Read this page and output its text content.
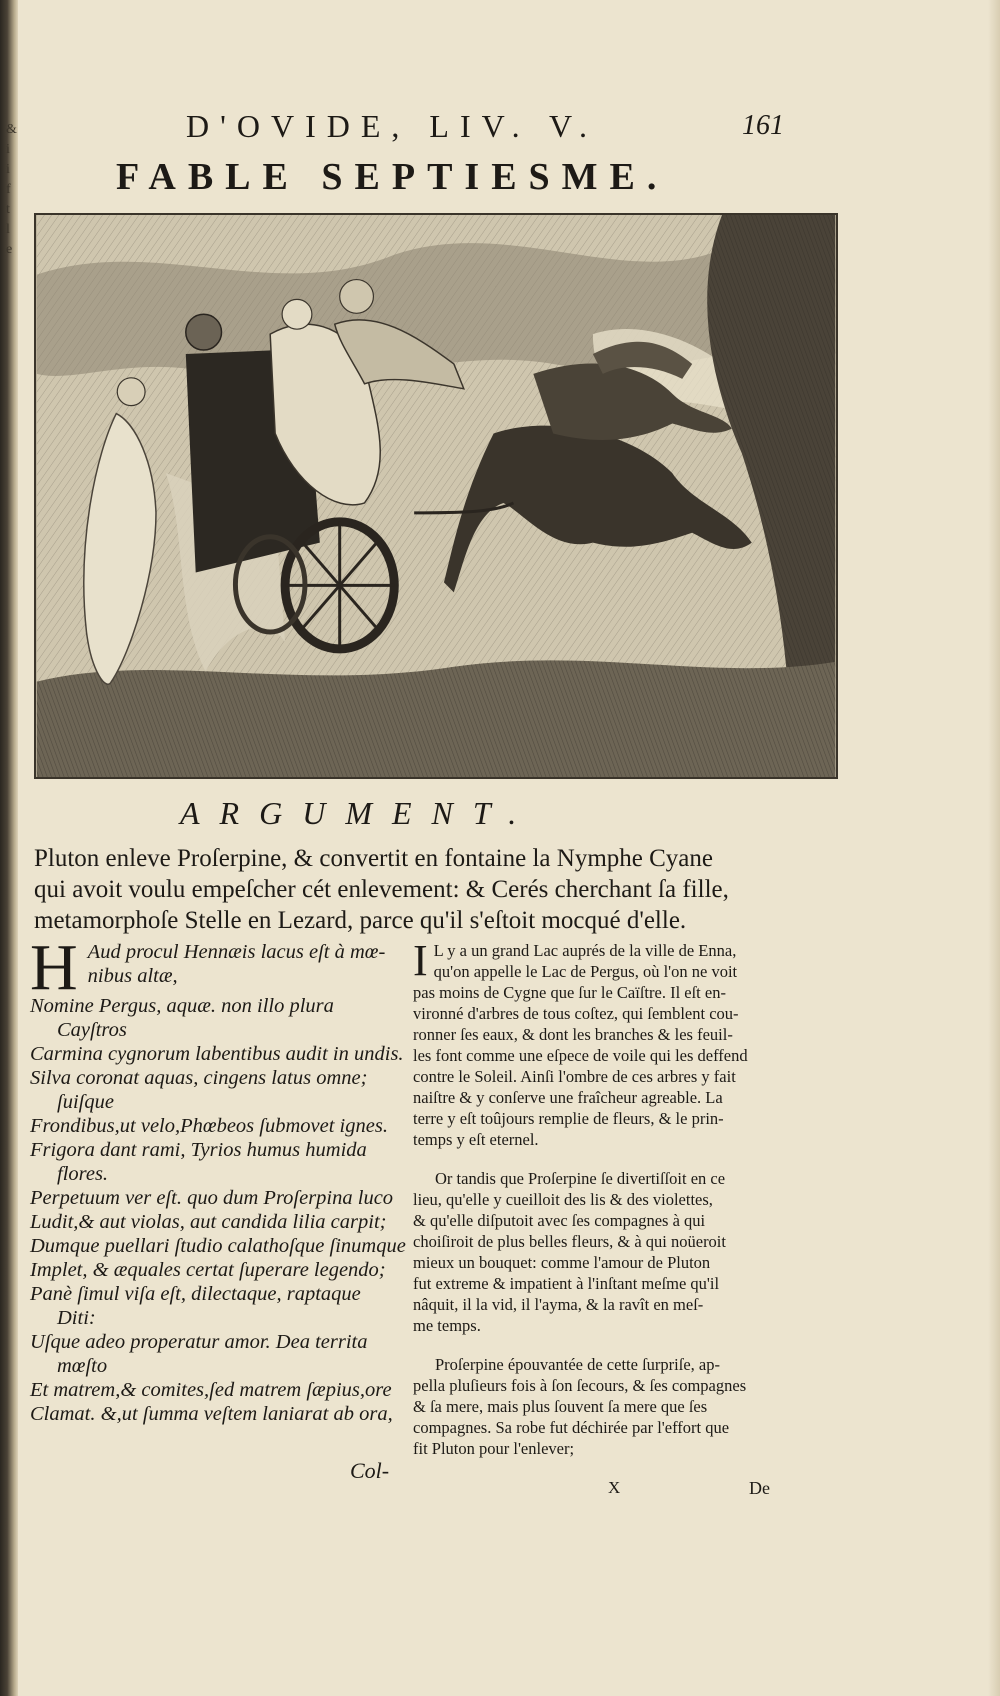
& i
i
f
t
l
e
D'OVIDE, LIV. V.	161
FABLE SEPTIESME.
ARGUMENT.
Pluton enleve Proſerpine, & convertit en fontaine la Nymphe Cyane
qui avoit voulu empeſcher cét enlevement: & Cerés cherchant ſa fille,
metamorphoſe Stelle en Lezard, parce qu'il s'eſtoit mocqué d'elle.
H Aud procul Hennæis lacus eſt à mœ-
nibus altæ,
Nomine Pergus, aquæ. non illo plura
Cayſtros
Carmina cygnorum labentibus audit in undis.
Silva coronat aquas, cingens latus omne;
ſuiſque
Frondibus,ut velo,Phœbeos ſubmovet ignes.
Frigora dant rami, Tyrios humus humida
flores.
Perpetuum ver eſt. quo dum Proſerpina luco
Ludit,& aut violas, aut candida lilia carpit;
Dumque puellari ſtudio calathoſque ſinumque
Implet, & æquales certat ſuperare legendo;
Panè ſimul viſa eſt, dilectaque, raptaque
Diti:
Uſque adeo properatur amor. Dea territa
mœſto
Et matrem,& comites,ſed matrem ſæpius,ore
Clamat. &,ut ſumma veſtem laniarat ab ora,
Col-
I L y a un grand Lac auprés de la ville de Enna,
qu'on appelle le Lac de Pergus, où l'on ne voit
pas moins de Cygne que ſur le Caïſtre. Il eſt en-
vironné d'arbres de tous coſtez, qui ſemblent cou-
ronner ſes eaux, & dont les branches & les feuil-
les font comme une eſpece de voile qui les deffend
contre le Soleil. Ainſi l'ombre de ces arbres y fait
naiſtre & y conſerve une fraîcheur agreable. La
terre y eſt toûjours remplie de fleurs, & le prin-
temps y eſt eternel.
Or tandis que Proſerpine ſe divertiſſoit en ce
lieu, qu'elle y cueilloit des lis & des violettes,
& qu'elle diſputoit avec ſes compagnes à qui
choiſiroit de plus belles fleurs, & à qui noüeroit
mieux un bouquet: comme l'amour de Pluton
fut extreme & impatient à l'inſtant meſme qu'il
nâquit, il la vid, il l'ayma, & la ravît en meſ-
me temps.
Proſerpine épouvantée de cette ſurpriſe, ap-
pella pluſieurs fois à ſon ſecours, & ſes compagnes
& ſa mere, mais plus ſouvent ſa mere que ſes
compagnes. Sa robe fut déchirée par l'effort que
fit Pluton pour l'enlever;
X	De
